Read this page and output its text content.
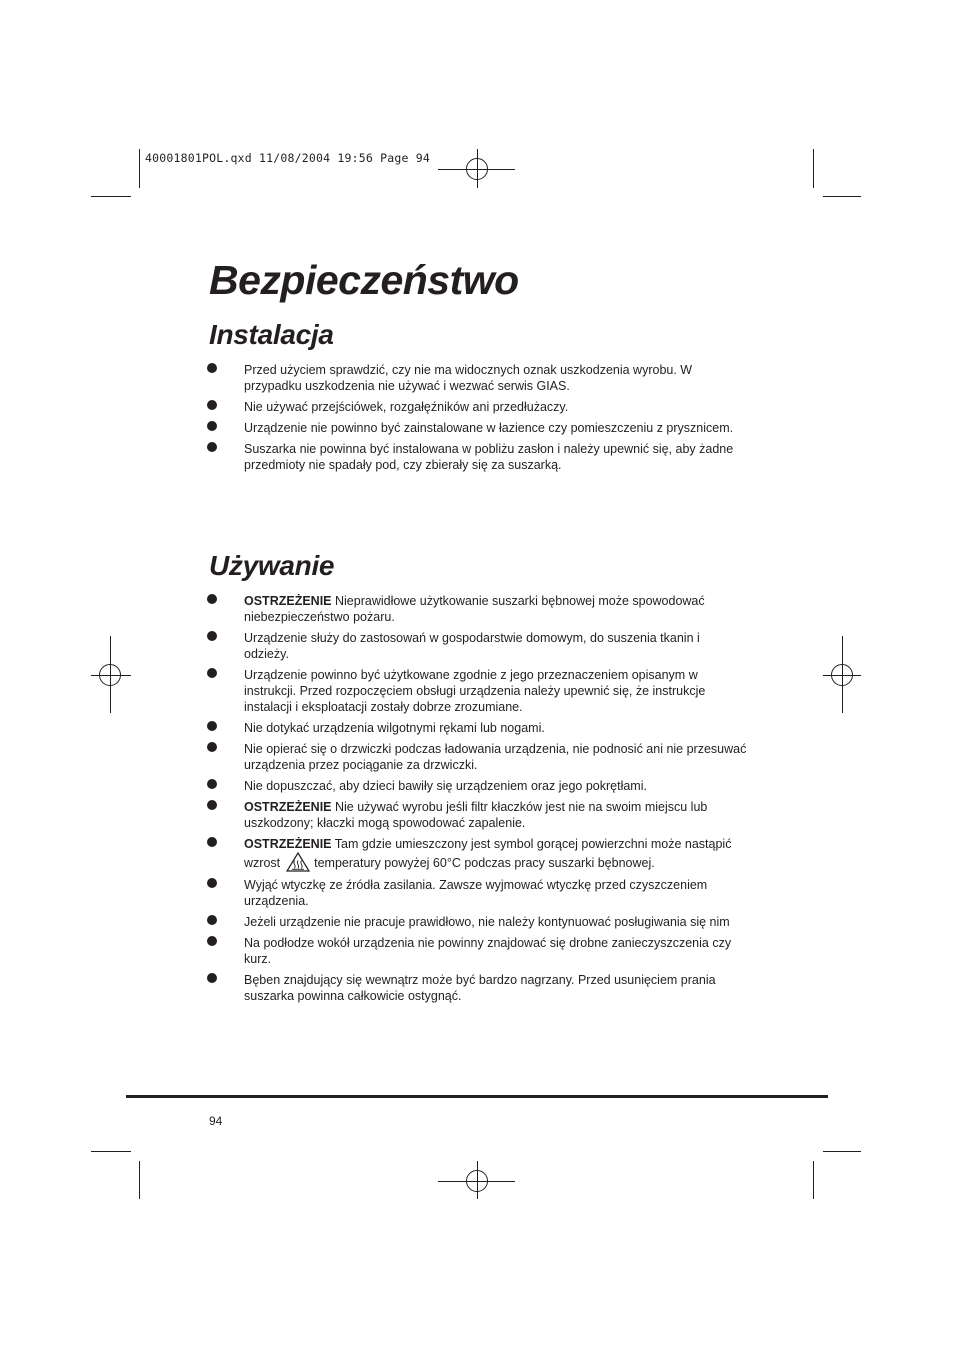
40001801POL.qxd 11/08/2004 19:56 Page 94
Bezpieczeństwo
Instalacja
Przed użyciem sprawdzić, czy nie ma widocznych oznak uszkodzenia wyrobu. W przypadku uszkodzenia nie używać i wezwać serwis GIAS.
Nie używać przejściówek, rozgałęźników ani przedłużaczy.
Urządzenie nie powinno być zainstalowane w łazience czy pomieszczeniu z prysznicem.
Suszarka nie powinna być instalowana w pobliżu zasłon i należy upewnić się, aby żadne przedmioty nie spadały pod, czy zbierały się za suszarką.
Używanie
OSTRZEŻENIE Nieprawidłowe użytkowanie suszarki bębnowej może spowodować niebezpieczeństwo pożaru.
Urządzenie służy do zastosowań w gospodarstwie domowym, do suszenia tkanin i odzieży.
Urządzenie powinno być użytkowane zgodnie z jego przeznaczeniem opisanym w instrukcji. Przed rozpoczęciem obsługi urządzenia należy upewnić się, że instrukcje instalacji i eksploatacji zostały dobrze zrozumiane.
Nie dotykać urządzenia wilgotnymi rękami lub nogami.
Nie opierać się o drzwiczki podczas ładowania urządzenia, nie podnosić ani nie przesuwać urządzenia przez pociąganie za drzwiczki.
Nie dopuszczać, aby dzieci bawiły się urządzeniem oraz jego pokrętłami.
OSTRZEŻENIE Nie używać wyrobu jeśli filtr kłaczków jest nie na swoim miejscu lub uszkodzony; kłaczki mogą spowodować zapalenie.
OSTRZEŻENIE Tam gdzie umieszczony jest symbol gorącej powierzchni może nastąpić wzrost	temperatury powyżej 60°C podczas pracy suszarki bębnowej.
Wyjąć wtyczkę ze źródła zasilania. Zawsze wyjmować wtyczkę przed czyszczeniem urządzenia.
Jeżeli urządzenie nie pracuje prawidłowo, nie należy kontynuować posługiwania się nim
Na podłodze wokół urządzenia nie powinny znajdować się drobne zanieczyszczenia czy kurz.
Bęben znajdujący się wewnątrz może być bardzo nagrzany. Przed usunięciem prania suszarka powinna całkowicie ostygnąć.
94
